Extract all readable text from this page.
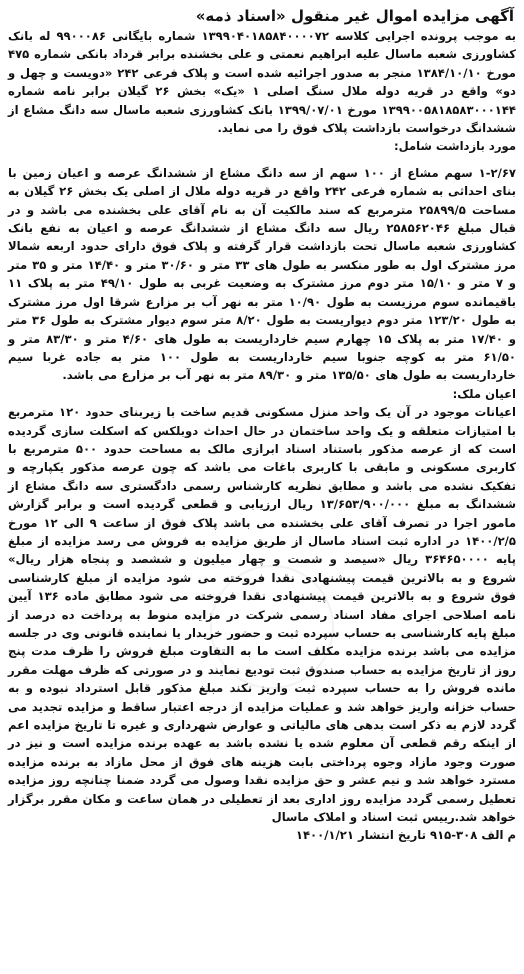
آگهی مزایده اموال غیر منقول «اسناد ذمه»

به موجب پرونده اجرایی کلاسه ۱۳۹۹۰۴۰۱۸۵۸۴۰۰۰۰۷۲ شماره بایگانی ۹۹۰۰۰۸۶ له بانک کشاورزی شعبه ماسال علیه ابراهیم نعمتی و علی بخشنده برابر قرداد بانکی شماره ۴۷۵ مورخ ۱۳۸۴/۱۰/۱۰ منجر به صدور اجرائیه شده است و پلاک فرعی ۲۴۲ «دویست و چهل و دو» واقع در قریه دوله ملال سنگ اصلی ۱ «یک» بخش ۲۶ گیلان برابر نامه شماره ۱۳۹۹۰۰۵۸۱۸۵۸۳۰۰۰۱۴۴ مورخ ۱۳۹۹/۰۷/۰۱ بانک کشاورزی شعبه ماسال سه دانگ مشاع از ششدانگ درخواست بازداشت پلاک فوق را می نماید.

مورد بازداشت شامل:

۱-۲/۶۷ سهم مشاع از ۱۰۰ سهم از سه دانگ مشاع از ششدانگ عرصه و اعیان زمین با بنای احداثی به شماره فرعی ۲۴۲ واقع در قریه دوله ملال از اصلی یک بخش ۲۶ گیلان به مساحت ۲۵۸۹۹/۵ مترمربع که سند مالکیت آن به نام آقای علی بخشنده می باشد و در قبال مبلغ ۲۵۸۵۶۲۰۴۶ ریال سه دانگ مشاع از ششدانگ عرصه و اعیان به نفع بانک کشاورزی شعبه ماسال تحت بازداشت قرار گرفته و پلاک فوق دارای حدود اربعه شمالا مرز مشترک اول به طور منکسر به طول های ۳۳ متر و ۳۰/۶۰ متر و ۱۴/۴۰ متر و ۳۵ متر و ۷ متر و ۱۵/۱۰ متر دوم مرز مشترک به وضعیت غربی به طول ۴۹/۱۰ متر به پلاک ۱۱ باقیمانده سوم مرزیست به طول ۱۰/۹۰ متر به نهر آب بر مزارع شرقا اول مرز مشترک به طول ۱۲۳/۲۰ متر دوم دیواریست به طول ۸/۲۰ متر سوم دیوار مشترک به طول ۳۶ متر و ۱۷/۴۰ متر به پلاک ۱۵ چهارم سیم خارداریست به طول های ۴/۶۰ متر و ۸۳/۳۰ متر و ۶۱/۵۰ متر به کوچه جنوبا سیم خارداریست به طول ۱۰۰ متر به جاده غربا سیم خارداریست به طول های ۱۳۵/۵۰ متر و ۸۹/۳۰ متر به نهر آب بر مزارع می باشد.

اعیان ملک:

اعیانات موجود در آن یک واحد منزل مسکونی قدیم ساخت با زیربنای حدود ۱۲۰ مترمربع با امتیازات متعلقه و یک واحد ساختمان در حال احداث دوبلکس که اسکلت سازی گردیده است که از عرصه مذکور باستناد اسناد ابرازی مالک به مساحت حدود ۵۰۰ مترمربع با کاربری مسکونی و مابقی با کاربری باغات می باشد که چون عرصه مذکور یکپارچه و تفکیک نشده می باشد و مطابق نظریه کارشناس رسمی دادگستری سه دانگ مشاع از ششدانگ به مبلغ ۱۳/۶۵۳/۹۰۰/۰۰۰ ریال ارزیابی و قطعی گردیده است و برابر گزارش مامور اجرا در تصرف آقای علی بخشنده می باشد پلاک فوق از ساعت ۹ الی ۱۲ مورخ ۱۴۰۰/۲/۵ در اداره ثبت اسناد ماسال از طریق مزایده به فروش می رسد مزایده از مبلغ پایه ۳۶۴۶۵۰۰۰۰ ریال «سیصد و شصت و چهار میلیون و ششصد و پنجاه هزار ریال» شروع و به بالاترین قیمت پیشنهادی نقدا فروخته می شود مزایده از مبلغ کارشناسی فوق شروع و به بالاترین قیمت پیشنهادی نقدا فروخته می شود مطابق ماده ۱۳۶ آیین نامه اصلاحی اجرای مفاد اسناد رسمی شرکت در مزایده منوط به پرداخت ده درصد از مبلغ پایه کارشناسی به حساب سپرده ثبت و حضور خریدار یا نماینده قانونی وی در جلسه مزایده می باشد برنده مزایده مکلف است ما به التفاوت مبلغ فروش را ظرف مدت پنج روز از تاریخ مزایده به حساب صندوق ثبت تودیع نمایند و در صورتی که ظرف مهلت مقرر مانده فروش را به حساب سپرده ثبت واریز نکند مبلغ مذکور قابل استرداد نبوده و به حساب خزانه واریز خواهد شد و عملیات مزایده از درجه اعتبار ساقط و مزایده تجدید می گردد لازم به ذکر است بدهی های مالیاتی و عوارض شهرداری و غیره تا تاریخ مزایده اعم از اینکه رقم قطعی آن معلوم شده یا نشده باشد به عهده برنده مزایده است و نیز در صورت وجود مازاد وجوه پرداختی بابت هزینه های فوق از محل مازاد به برنده مزایده مسترد خواهد شد و نیم عشر و حق مزایده نقدا وصول می گردد ضمنا چنانچه روز مزایده تعطیل رسمی گردد مزایده روز اداری بعد از تعطیلی در همان ساعت و مکان مقرر برگزار خواهد شد.رییس ثبت اسناد و املاک ماسال

م الف ۳۰۸-۹۱۵ تاریخ انتشار ۱۴۰۰/۱/۲۱
